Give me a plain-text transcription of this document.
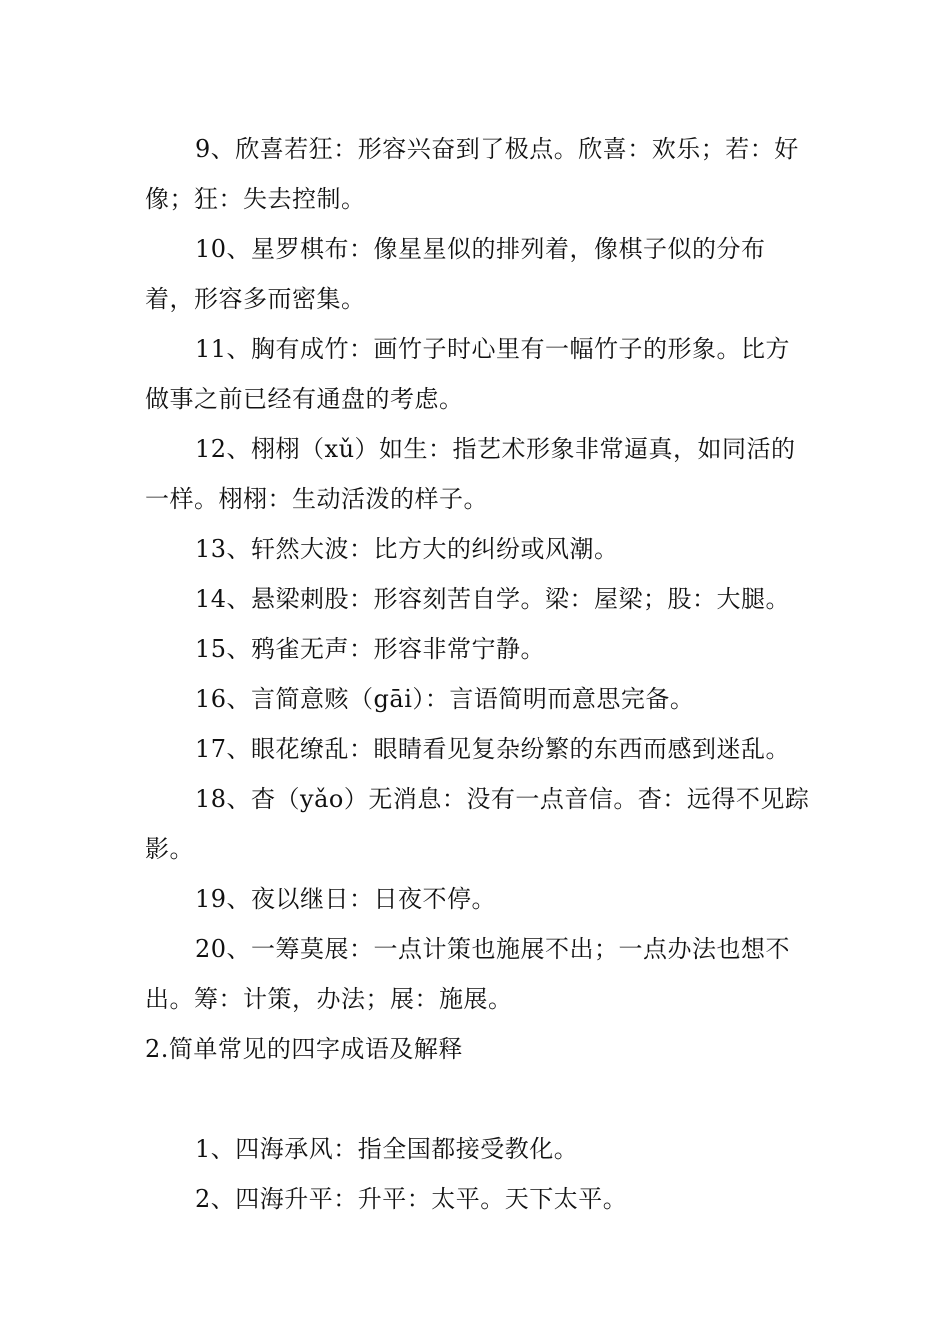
9、欣喜若狂：形容兴奋到了极点。欣喜：欢乐；若：好像；狂：失去控制。

10、星罗棋布：像星星似的排列着，像棋子似的分布着，形容多而密集。

11、胸有成竹：画竹子时心里有一幅竹子的形象。比方做事之前已经有通盘的考虑。

12、栩栩（xǔ）如生：指艺术形象非常逼真，如同活的一样。栩栩：生动活泼的样子。

13、轩然大波：比方大的纠纷或风潮。

14、悬梁刺股：形容刻苦自学。梁：屋梁；股：大腿。

15、鸦雀无声：形容非常宁静。

16、言简意赅（gāi）：言语简明而意思完备。

17、眼花缭乱：眼睛看见复杂纷繁的东西而感到迷乱。

18、杳（yǎo）无消息：没有一点音信。杳：远得不见踪影。

19、夜以继日：日夜不停。

20、一筹莫展：一点计策也施展不出；一点办法也想不出。筹：计策，办法；展：施展。

2.简单常见的四字成语及解释

1、四海承风：指全国都接受教化。

2、四海升平：升平：太平。天下太平。
